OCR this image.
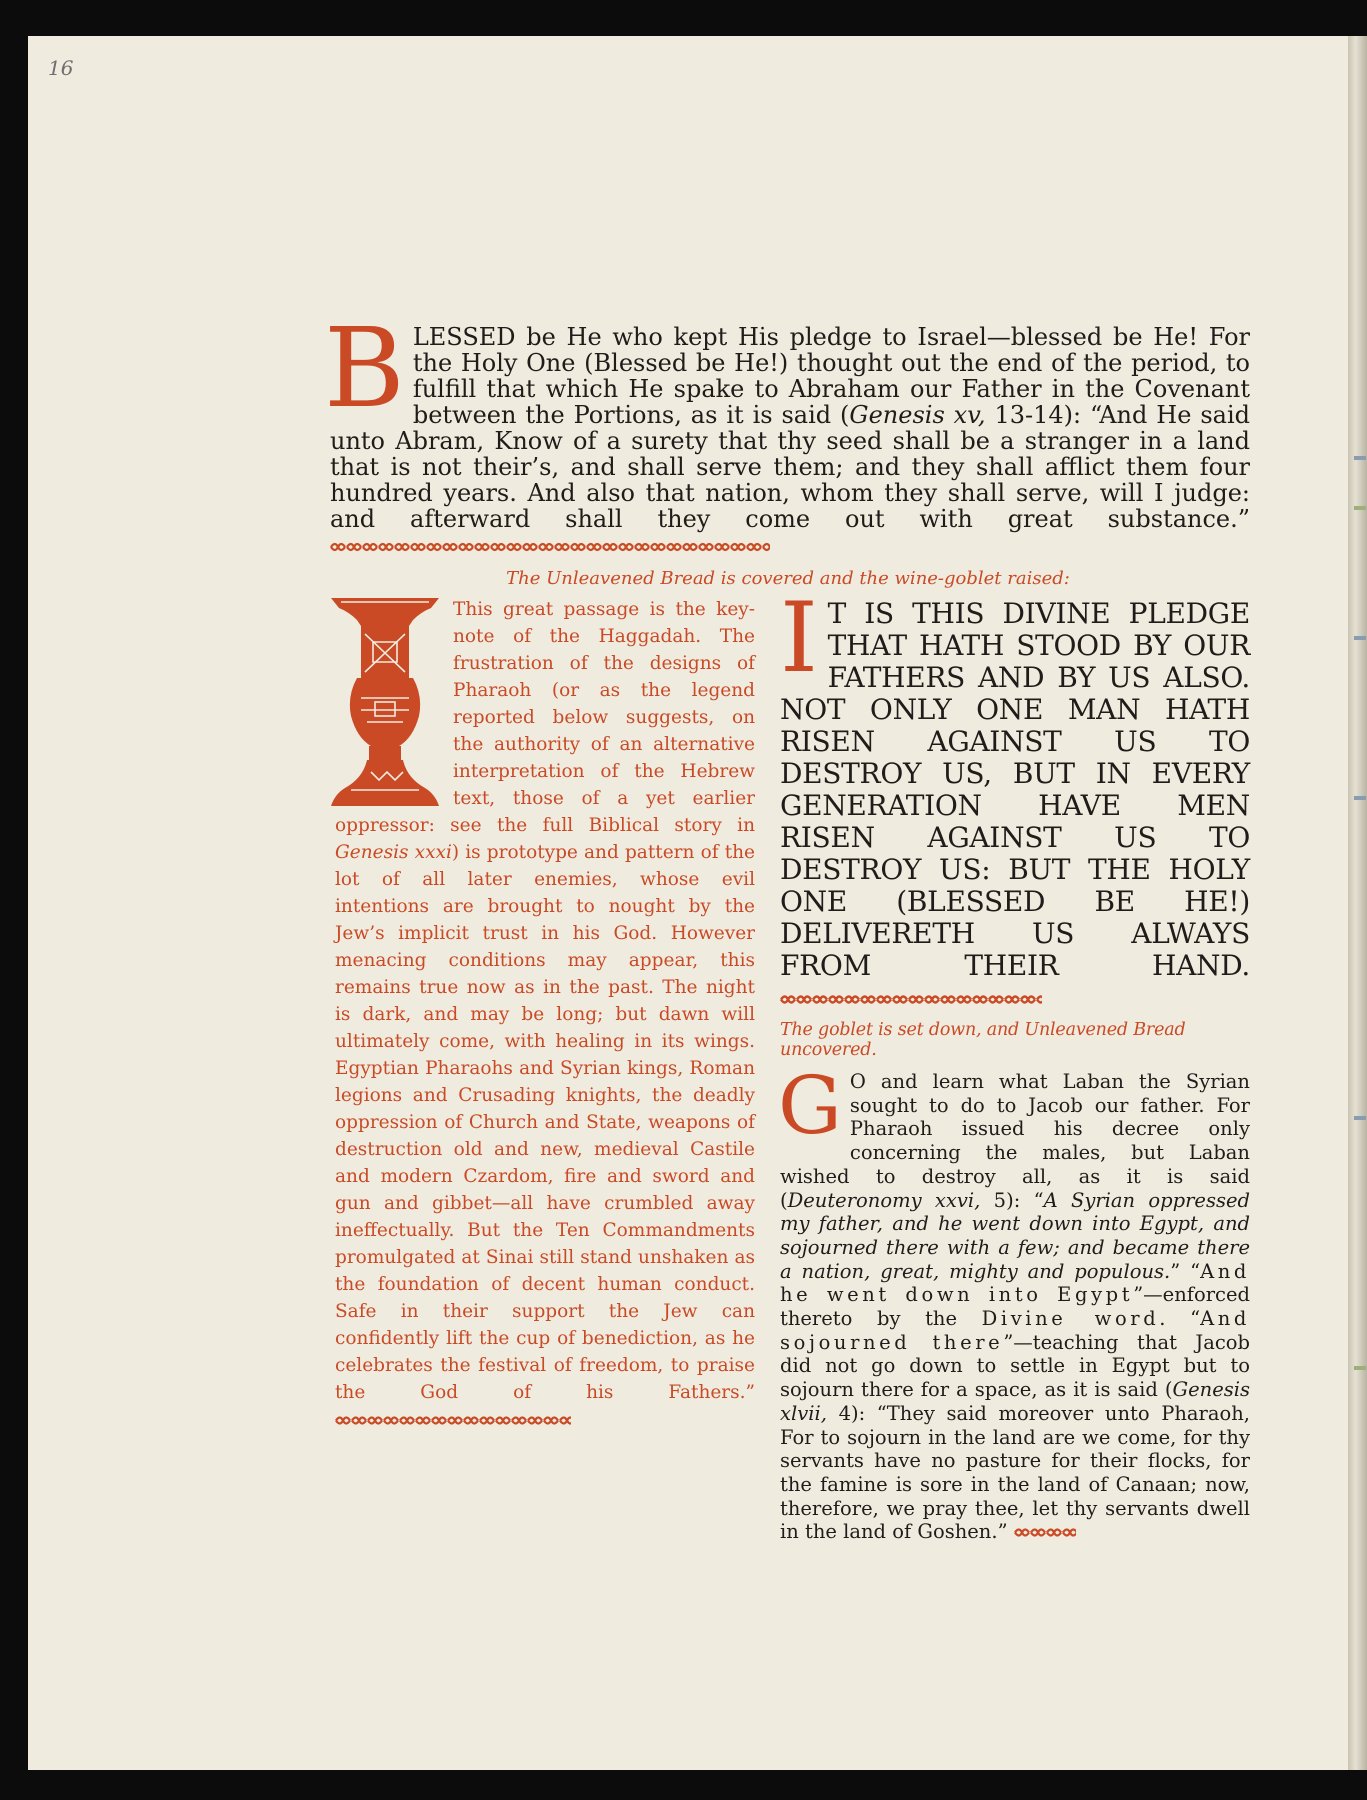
16
BLESSED be He who kept His pledge to Israel—blessed be He! For the Holy One (Blessed be He!) thought out the end of the period, to fulfill that which He spake to Abraham our Father in the Covenant between the Portions, as it is said (Genesis xv, 13-14): “And He said unto Abram, Know of a surety that thy seed shall be a stranger in a land that is not their’s, and shall serve them; and they shall afflict them four hundred years. And also that nation, whom they shall serve, will I judge: and afterward shall they come out with great substance.”
The Unleavened Bread is covered and the wine-goblet raised:
This great passage is the key-note of the Haggadah. The frustration of the designs of Pharaoh (or as the legend reported below suggests, on the authority of an alternative interpretation of the Hebrew text, those of a yet earlier oppressor: see the full Biblical story in Genesis xxxi) is prototype and pattern of the lot of all later enemies, whose evil intentions are brought to nought by the Jew’s implicit trust in his God. However menacing conditions may appear, this remains true now as in the past. The night is dark, and may be long; but dawn will ultimately come, with healing in its wings. Egyptian Pharaohs and Syrian kings, Roman legions and Crusading knights, the deadly oppression of Church and State, weapons of destruction old and new, medieval Castile and modern Czardom, fire and sword and gun and gibbet—all have crumbled away ineffectually. But the Ten Commandments promulgated at Sinai still stand unshaken as the foundation of decent human conduct. Safe in their support the Jew can confidently lift the cup of benediction, as he celebrates the festival of freedom, to praise the God of his Fathers.”
I T IS THIS DIVINE PLEDGE THAT HATH STOOD BY OUR FATHERS AND BY US ALSO. NOT ONLY ONE MAN HATH RISEN AGAINST US TO DESTROY US, BUT IN EVERY GENERATION HAVE MEN RISEN AGAINST US TO DESTROY US: BUT THE HOLY ONE (BLESSED BE HE!) DELIVERETH US ALWAYS FROM THEIR HAND.
The goblet is set down, and Unleavened Bread uncovered.
G O and learn what Laban the Syrian sought to do to Jacob our father. For Pharaoh issued his decree only concerning the males, but Laban wished to destroy all, as it is said (Deuteronomy xxvi, 5): “A Syrian oppressed my father, and he went down into Egypt, and sojourned there with a few; and became there a nation, great, mighty and populous.” “And he went down into Egypt”—enforced thereto by the Divine word. “And sojourned there”—teaching that Jacob did not go down to settle in Egypt but to sojourn there for a space, as it is said (Genesis xlvii, 4): “They said moreover unto Pharaoh, For to sojourn in the land are we come, for thy servants have no pasture for their flocks, for the famine is sore in the land of Canaan; now, therefore, we pray thee, let thy servants dwell in the land of Goshen.”
